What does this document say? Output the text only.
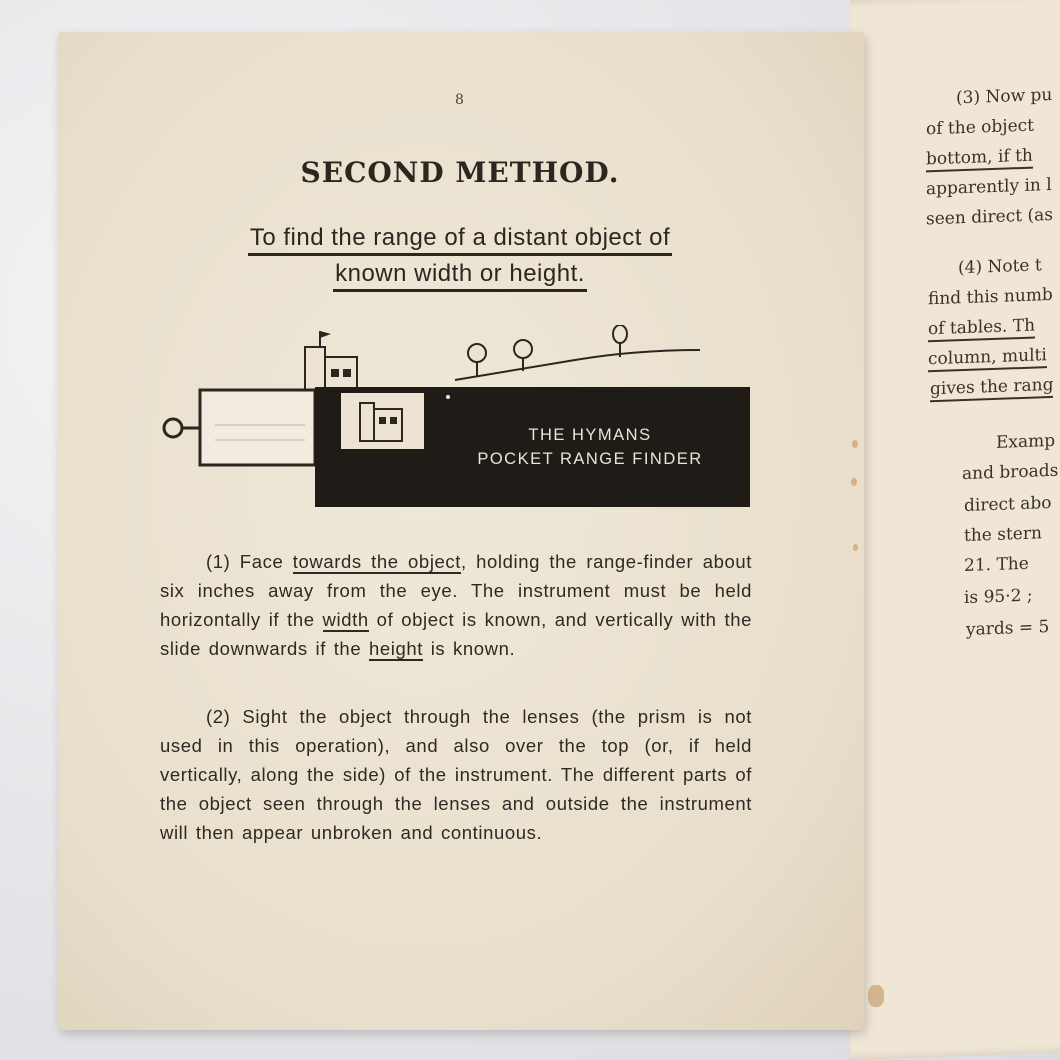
(3) Now pu
of the object
bottom, if th
apparently in l
seen direct (as
(4) Note t
find this numb
of tables. Th
column, multi
gives the rang
Examp
and broads
direct abo
the stern
21. The
is 95·2 ;
yards = 5
8
SECOND METHOD.
To find the range of a distant object of
known width or height.
THE HYMANS
POCKET RANGE FINDER
(1) Face towards the object, holding the range-finder about six inches away from the eye. The instrument must be held horizontally if the width of object is known, and vertically with the slide downwards if the height is known.
(2) Sight the object through the lenses (the prism is not used in this operation), and also over the top (or, if held vertically, along the side) of the instrument. The different parts of the object seen through the lenses and outside the instrument will then appear unbroken and continuous.
